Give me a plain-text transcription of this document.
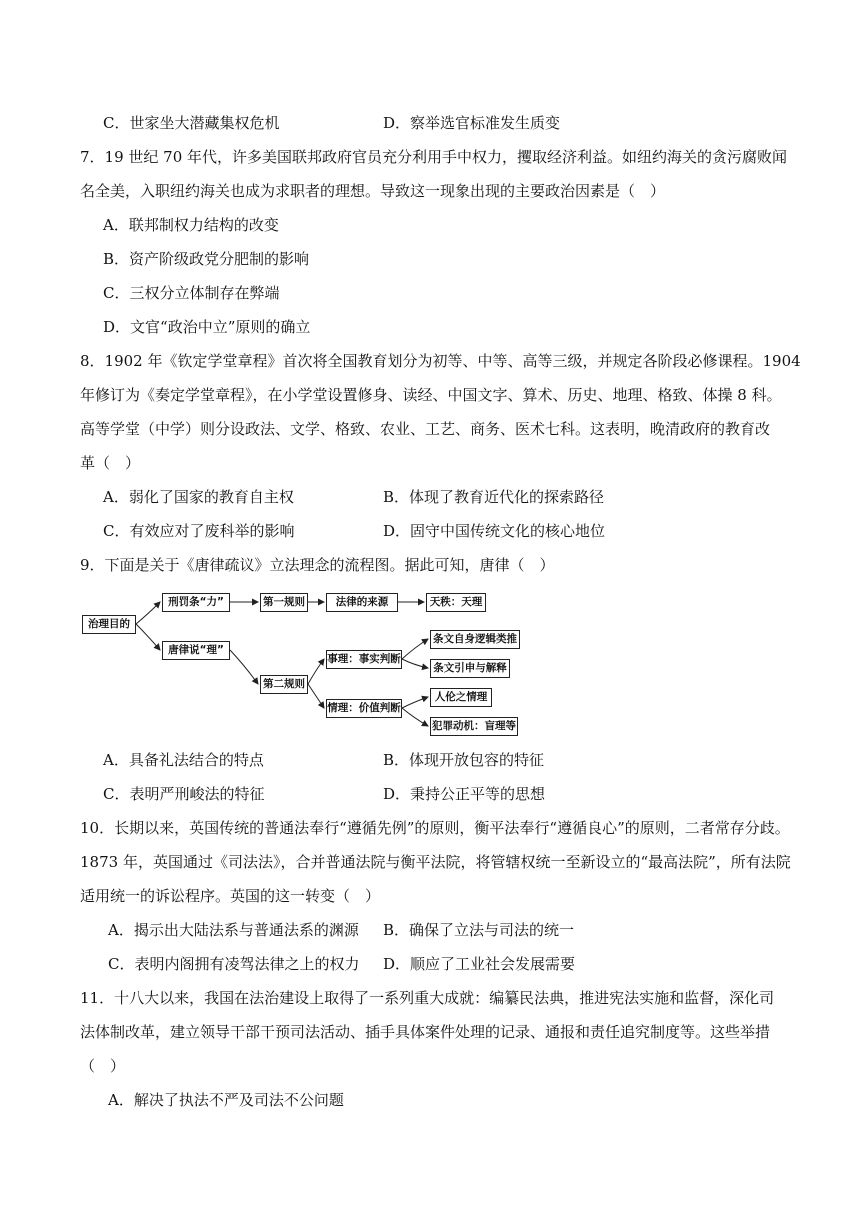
C．世家坐大潜藏集权危机	D．察举选官标准发生质变
7．19 世纪 70 年代，许多美国联邦政府官员充分利用手中权力，攫取经济利益。如纽约海关的贪污腐败闻
名全美，入职纽约海关也成为求职者的理想。导致这一现象出现的主要政治因素是（　）
A．联邦制权力结构的改变
B．资产阶级政党分肥制的影响
C．三权分立体制存在弊端
D．文官“政治中立”原则的确立
8．1902 年《钦定学堂章程》首次将全国教育划分为初等、中等、高等三级，并规定各阶段必修课程。1904
年修订为《奏定学堂章程》，在小学堂设置修身、读经、中国文字、算术、历史、地理、格致、体操 8 科。
高等学堂（中学）则分设政法、文学、格致、农业、工艺、商务、医术七科。这表明，晚清政府的教育改
革（　）
A．弱化了国家的教育自主权	B．体现了教育近代化的探索路径
C．有效应对了废科举的影响	D．固守中国传统文化的核心地位
9．下面是关于《唐律疏议》立法理念的流程图。据此可知，唐律（　）
治理目的
刑罚条“力”
唐律说“理”
第一规则
第二规则
法律的来源	天秩：天理
事理：事实判断
情理：价值判断
条文自身逻辑类推
条文引申与解释
人伦之情理
犯罪动机：盲理等
A．具备礼法结合的特点	B．体现开放包容的特征
C．表明严刑峻法的特征	D．秉持公正平等的思想
10．长期以来，英国传统的普通法奉行“遵循先例”的原则，衡平法奉行“遵循良心”的原则，二者常存分歧。
1873 年，英国通过《司法法》，合并普通法院与衡平法院，将管辖权统一至新设立的“最高法院”，所有法院
适用统一的诉讼程序。英国的这一转变（　）
A．揭示出大陆法系与普通法系的渊源 B．确保了立法与司法的统一
C．表明内阁拥有凌驾法律之上的权力 D．顺应了工业社会发展需要
11．十八大以来，我国在法治建设上取得了一系列重大成就：编纂民法典，推进宪法实施和监督，深化司
法体制改革，建立领导干部干预司法活动、插手具体案件处理的记录、通报和责任追究制度等。这些举措
（　）
A．解决了执法不严及司法不公问题
